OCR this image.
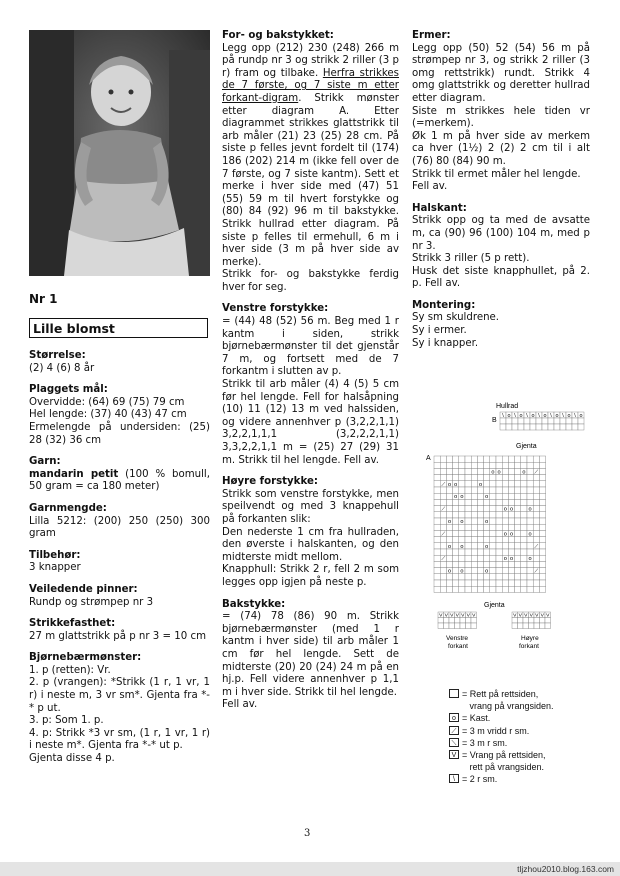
Nr 1
Lille blomst

Størrelse:

(2) 4 (6) 8 år

Plaggets mål:

Overvidde: (64) 69 (75) 79 cm

Hel lengde: (37) 40 (43) 47 cm

Ermelengde på undersiden: (25) 28 (32) 36 cm

Garn:

mandarin petit (100 % bomull, 50 gram = ca 180 meter)

Garnmengde:

Lilla 5212: (200) 250 (250) 300 gram

Tilbehør:

3 knapper

Veiledende pinner:

Rundp og strømpep nr 3

Strikkefasthet:

27 m glattstrikk på p nr 3 = 10 cm

Bjørnebærmønster:

1. p (retten): Vr.

2. p (vrangen): *Strikk (1 r, 1 vr, 1 r) i neste m, 3 vr sm*. Gjenta fra *-* p ut.

3. p: Som 1. p.

4. p: Strikk *3 vr sm, (1 r, 1 vr, 1 r) i neste m*. Gjenta fra *-* ut p.

Gjenta disse 4 p.

For- og bakstykket:

Legg opp (212) 230 (248) 266 m på rundp nr 3 og strikk 2 riller (3 p r) fram og tilbake. Herfra strikkes de 7 første, og 7 siste m etter forkant-digram. Strikk mønster etter diagram A. Etter diagrammet strikkes glattstrikk til arb måler (21) 23 (25) 28 cm. På siste p felles jevnt fordelt til (174) 186 (202) 214 m (ikke fell over de 7 første, og 7 siste kantm). Sett et merke i hver side med (47) 51 (55) 59 m til hvert forstykke og (80) 84 (92) 96 m til bakstykke. Strikk hullrad etter diagram. På siste p felles til ermehull, 6 m i hver side (3 m på hver side av merke).

Strikk for- og bakstykke ferdig hver for seg.

Venstre forstykke:

= (44) 48 (52) 56 m. Beg med 1 r kantm i siden, strikk bjørnebærmønster til det gjenstår 7 m, og fortsett med de 7 forkantm i slutten av p.

Strikk til arb måler (4) 4 (5) 5 cm før hel lengde. Fell for halsåpning (10) 11 (12) 13 m ved halssiden, og videre annenhver p (3,2,2,1,1) 3,2,2,1,1,1 (3,2,2,2,1,1) 3,3,2,2,1,1 m = (25) 27 (29) 31 m. Strikk til hel lengde. Fell av.

Høyre forstykke:

Strikk som venstre forstykke, men speilvendt og med 3 knappehull på forkanten slik:

Den nederste 1 cm fra hullraden, den øverste i halskanten, og den midterste midt mellom.

Knapphull: Strikk 2 r, fell 2 m som legges opp igjen på neste p.

Bakstykke:

= (74) 78 (86) 90 m. Strikk bjørnebærmønster (med 1 r kantm i hver side) til arb måler 1 cm før hel lengde. Sett de midterste (20) 20 (24) 24 m på en hj.p. Fell videre annenhver p 1,1 m i hver side. Strikk til hel lengde.

Fell av.

Ermer:

Legg opp (50) 52 (54) 56 m på strømpep nr 3, og strikk 2 riller (3 omg rettstrikk) rundt. Strikk 4 omg glattstrikk og deretter hullrad etter diagram.

Siste m strikkes hele tiden vr (=merkem).

Øk 1 m på hver side av merkem ca hver (1½) 2 (2) 2 cm til i alt (76) 80 (84) 90 m.

Strikk til ermet måler hel lengde.

Fell av.

Halskant:

Strikk opp og ta med de avsatte m, ca (90) 96 (100) 104 m, med p nr 3.

Strikk 3 riller (5 p rett).

Husk det siste knapphullet, på 2. p. Fell av.

Montering:

Sy sm skuldrene.

Sy i ermer.

Sy i knapper.

Hullrad
B
\ o \ o \ o \ o \ o \ o \ o
Gjenta
A
o o	o
o o	o
o o	o
o o	o
o o	o
o o	o
o o	o
o o	o
o o	o
⟋
⟋
⟋
⟋
⟋
⟋
⟋
Gjenta
V V V V V V V	V V V V V V V
Venstre
forkant
Høyre
forkant
= Rett på rettsiden,
vrang på vrangsiden.
o = Kast.
⟋ = 3 m vridd r sm.
⟍ = 3 m r sm.
V = Vrang på rettsiden,
rett på vrangsiden.
\ = 2 r sm.
3
tljzhou2010.blog.163.com
